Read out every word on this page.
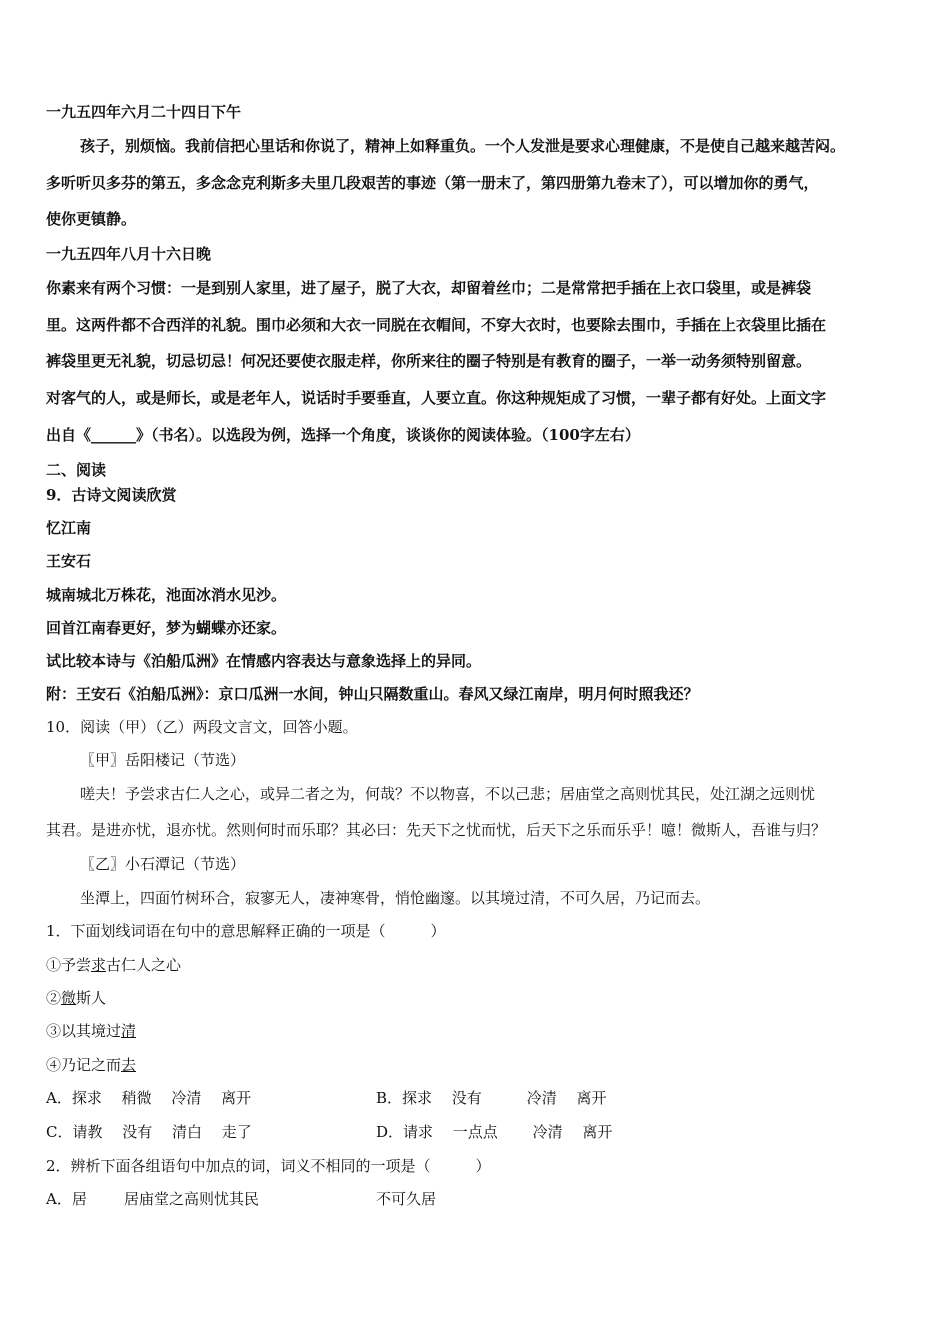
一九五四年六月二十四日下午
孩子，别烦恼。我前信把心里话和你说了，精神上如释重负。一个人发泄是要求心理健康，不是使自己越来越苦闷。
多听听贝多芬的第五，多念念克利斯多夫里几段艰苦的事迹（第一册末了，第四册第九卷末了），可以增加你的勇气，
使你更镇静。
一九五四年八月十六日晚
你素来有两个习惯：一是到别人家里，进了屋子，脱了大衣，却留着丝巾；二是常常把手插在上衣口袋里，或是裤袋
里。这两件都不合西洋的礼貌。围巾必须和大衣一同脱在衣帽间，不穿大衣时，也要除去围巾，手插在上衣袋里比插在
裤袋里更无礼貌，切忌切忌！何况还要使衣服走样，你所来往的圈子特别是有教育的圈子，一举一动务须特别留意。
对客气的人，或是师长，或是老年人，说话时手要垂直，人要立直。你这种规矩成了习惯，一辈子都有好处。上面文字
出自《______》（书名）。以选段为例，选择一个角度，谈谈你的阅读体验。（100字左右）
二、阅读
9．古诗文阅读欣赏
忆江南
王安石
城南城北万株花，池面冰消水见沙。
回首江南春更好，梦为蝴蝶亦还家。
试比较本诗与《泊船瓜洲》在情感内容表达与意象选择上的异同。
附：王安石《泊船瓜洲》：京口瓜洲一水间，钟山只隔数重山。春风又绿江南岸，明月何时照我还？
10．阅读（甲）（乙）两段文言文，回答小题。
〖甲〗岳阳楼记（节选）
嗟夫！予尝求古仁人之心，或异二者之为，何哉？不以物喜，不以己悲；居庙堂之高则忧其民，处江湖之远则忧
其君。是进亦忧，退亦忧。然则何时而乐耶？其必曰：先天下之忧而忧，后天下之乐而乐乎！噫！微斯人，吾谁与归？
〖乙〗小石潭记（节选）
坐潭上，四面竹树环合，寂寥无人，凄神寒骨，悄怆幽邃。以其境过清，不可久居，乃记而去。
1．下面划线词语在句中的意思解释正确的一项是（　　　）
①予尝求古仁人之心
②微斯人
③以其境过清
④乃记之而去
A．探求　 稍微　 冷清　 离开	B．探求　 没有　　　冷清　 离开
C．请教　 没有　 清白　 走了	D．请求　 一点点　　 冷清　 离开
2．辨析下面各组语句中加点的词，词义不相同的一项是（　　　）
A．居 居庙堂之高则忧其民	不可久居
